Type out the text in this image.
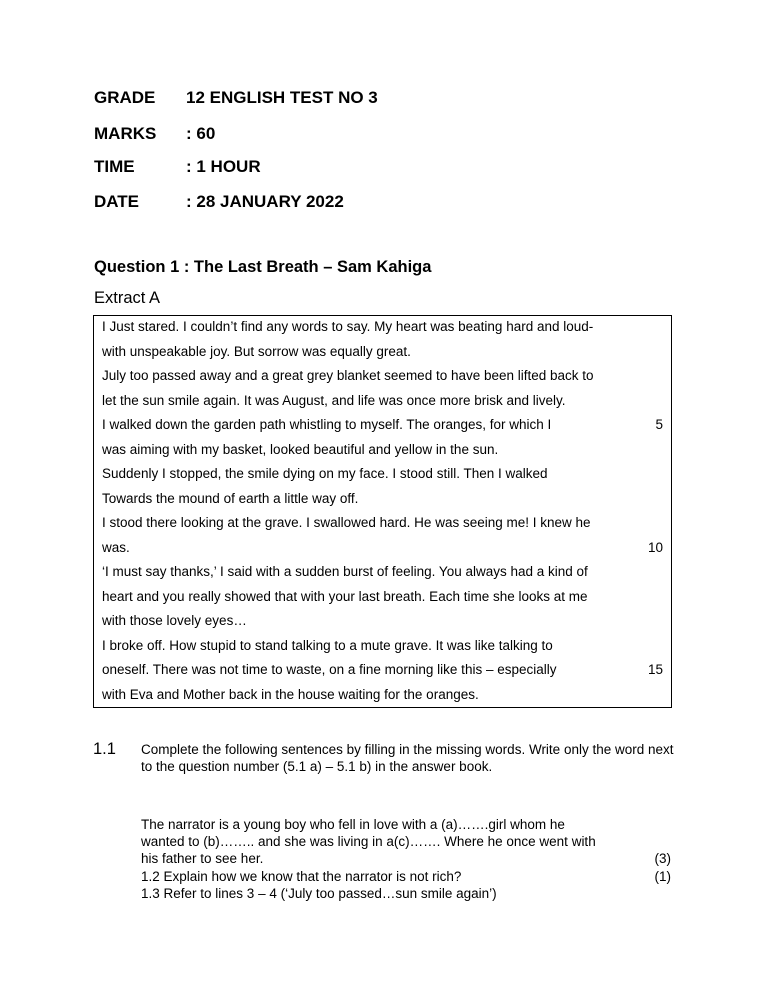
GRADE 12 ENGLISH TEST NO 3
MARKS : 60
TIME	: 1 HOUR
DATE	: 28 JANUARY 2022
Question 1 : The Last Breath – Sam Kahiga
Extract A
I Just stared. I couldn’t find any words to say. My heart was beating hard and loud-
with unspeakable joy. But sorrow was equally great.
July too passed away and a great grey blanket seemed to have been lifted back to
let the sun smile again. It was August, and life was once more brisk and lively.
I walked down the garden path whistling to myself. The oranges, for which I	5
was aiming with my basket, looked beautiful and yellow in the sun.
Suddenly I stopped, the smile dying on my face. I stood still. Then I walked
Towards the mound of earth a little way off.
I stood there looking at the grave. I swallowed hard. He was seeing me! I knew he
was.	10
‘I must say thanks,’ I said with a sudden burst of feeling. You always had a kind of
heart and you really showed that with your last breath. Each time she looks at me
with those lovely eyes…
I broke off. How stupid to stand talking to a mute grave. It was like talking to
oneself. There was not time to waste, on a fine morning like this – especially	15
with Eva and Mother back in the house waiting for the oranges.
1.1 Complete the following sentences by filling in the missing words. Write only the word next to the question number (5.1 a) – 5.1 b) in the answer book.
The narrator is a young boy who fell in love with a (a)…….girl whom he
wanted to (b)…….. and she was living in a(c)……. Where he once went with
his father to see her.	(3)
1.2 Explain how we know that the narrator is not rich?	(1)
1.3 Refer to lines 3 – 4 (‘July too passed…sun smile again’)
